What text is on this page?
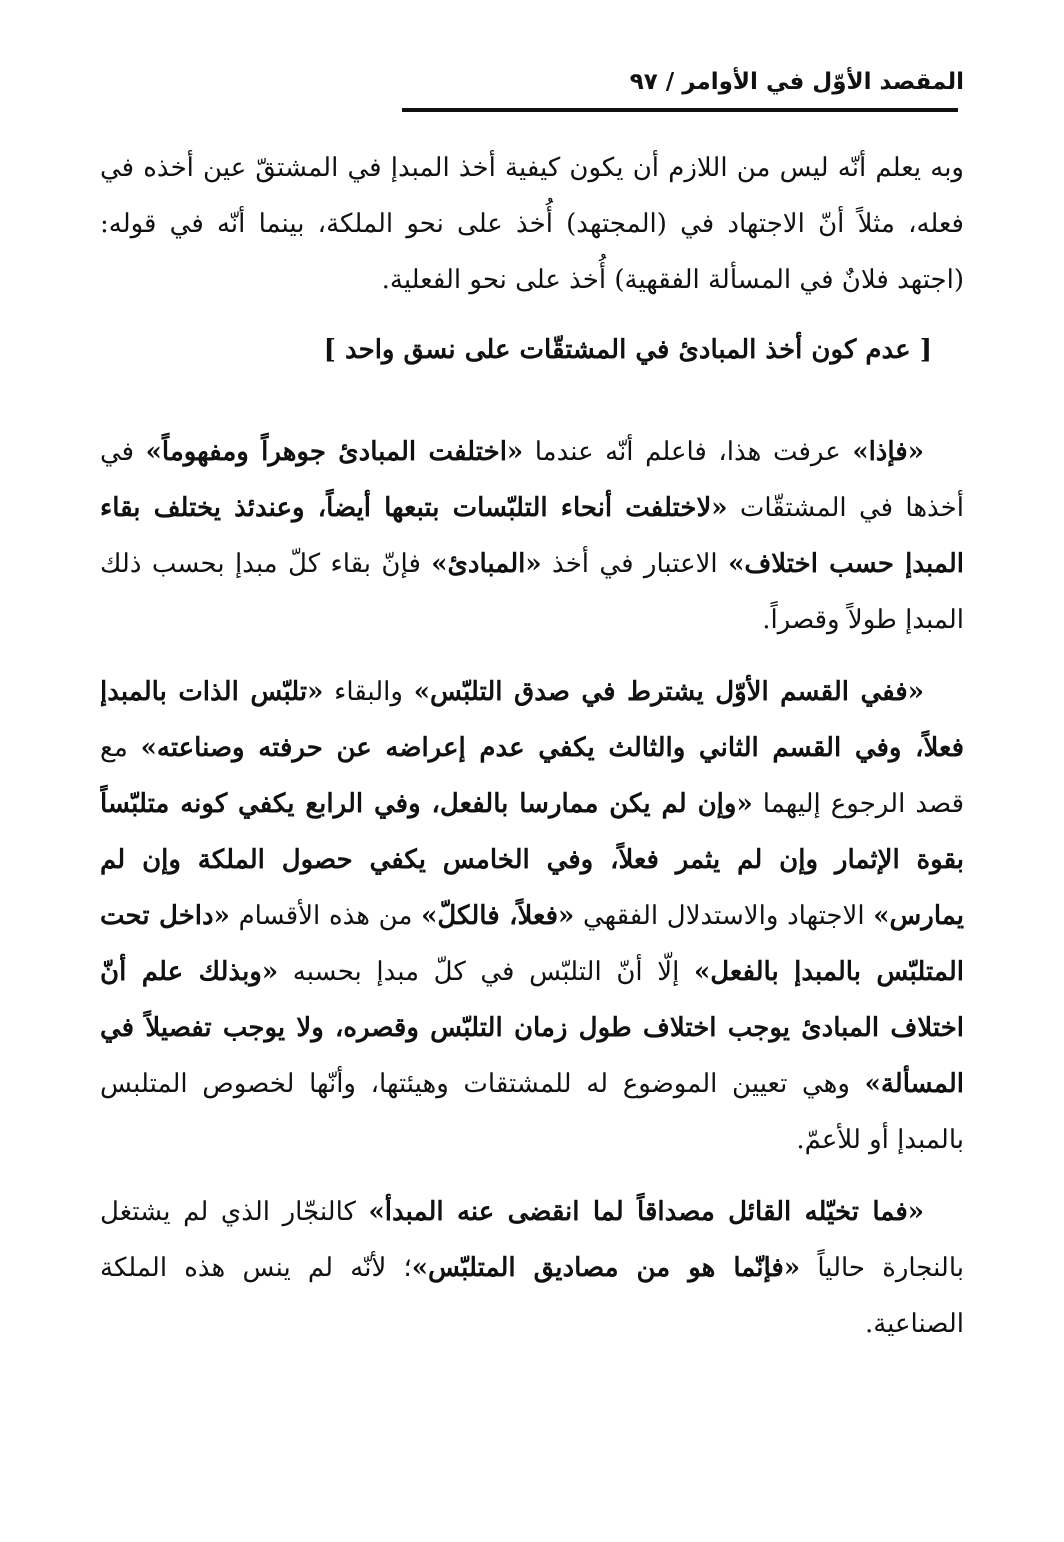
المقصد الأوّل في الأوامر / ٩٧

وبه يعلم أنّه ليس من اللازم أن يكون كيفية أخذ المبدإ في المشتقّ عين أخذه في فعله، مثلاً أنّ الاجتهاد في (المجتهد) أُخذ على نحو الملكة، بينما أنّه في قوله: (اجتهد فلانٌ في المسألة الفقهية) أُخذ على نحو الفعلية.

[ عدم كون أخذ المبادئ في المشتقّات على نسق واحد ]

«فإذا» عرفت هذا، فاعلم أنّه عندما «اختلفت المبادئ جوهراً ومفهوماً» في أخذها في المشتقّات «لاختلفت أنحاء التلبّسات بتبعها أيضاً، وعندئذ يختلف بقاء المبدإ حسب اختلاف» الاعتبار في أخذ «المبادئ» فإنّ بقاء كلّ مبدإ بحسب ذلك المبدإ طولاً وقصراً.

«ففي القسم الأوّل يشترط في صدق التلبّس» والبقاء «تلبّس الذات بالمبدإ فعلاً، وفي القسم الثاني والثالث يكفي عدم إعراضه عن حرفته وصناعته» مع قصد الرجوع إليهما «وإن لم يكن ممارسا بالفعل، وفي الرابع يكفي كونه متلبّساً بقوة الإثمار وإن لم يثمر فعلاً، وفي الخامس يكفي حصول الملكة وإن لم يمارس» الاجتهاد والاستدلال الفقهي «فعلاً، فالكلّ» من هذه الأقسام «داخل تحت المتلبّس بالمبدإ بالفعل» إلّا أنّ التلبّس في كلّ مبدإ بحسبه «وبذلك علم أنّ اختلاف المبادئ يوجب اختلاف طول زمان التلبّس وقصره، ولا يوجب تفصيلاً في المسألة» وهي تعيين الموضوع له للمشتقات وهيئتها، وأنّها لخصوص المتلبس بالمبدإ أو للأعمّ.

«فما تخيّله القائل مصداقاً لما انقضى عنه المبدأ» كالنجّار الذي لم يشتغل بالنجارة حالياً «فإنّما هو من مصاديق المتلبّس»؛ لأنّه لم ينس هذه الملكة الصناعية.
